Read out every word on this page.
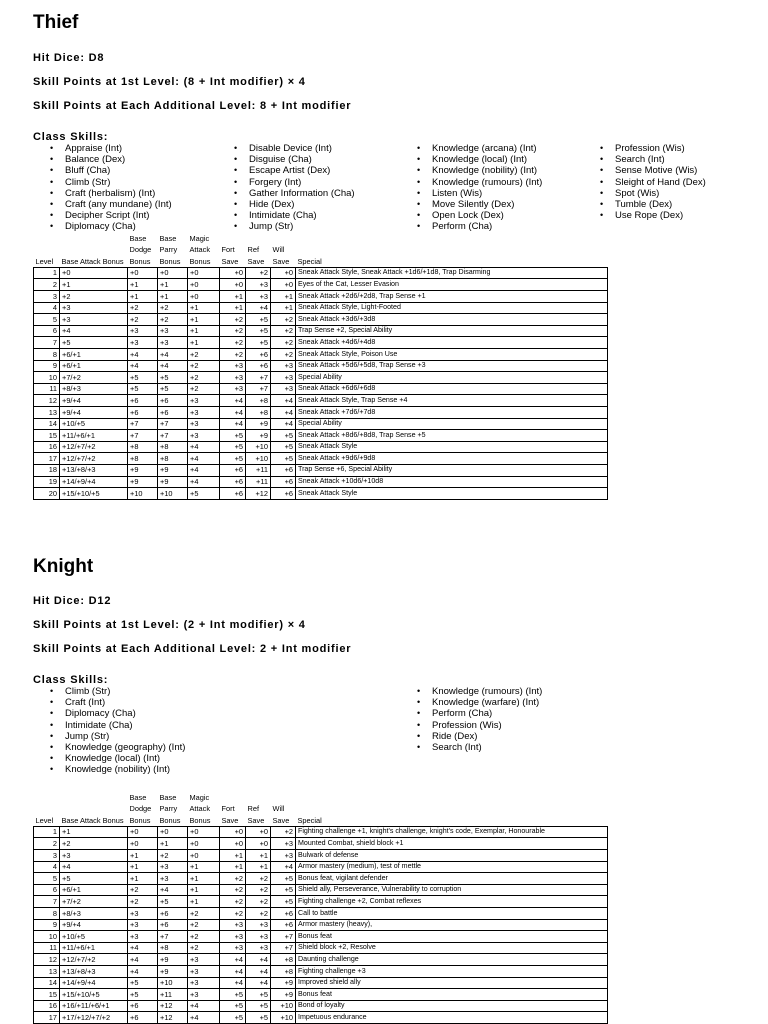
Thief
Hit Dice: D8
Skill Points at 1st Level: (8 + Int modifier) × 4
Skill Points at Each Additional Level: 8 + Int modifier
Class Skills:
• Appraise (Int)
• Balance (Dex)
• Bluff (Cha)
• Climb (Str)
• Craft (herbalism) (Int)
• Craft (any mundane) (Int)
• Decipher Script (Int)
• Diplomacy (Cha)
• Disable Device (Int)
• Disguise (Cha)
• Escape Artist (Dex)
• Forgery (Int)
• Gather Information (Cha)
• Hide (Dex)
• Intimidate (Cha)
• Jump (Str)
• Knowledge (arcana) (Int)
• Knowledge (local) (Int)
• Knowledge (nobility) (Int)
• Knowledge (rumours) (Int)
• Listen (Wis)
• Move Silently (Dex)
• Open Lock (Dex)
• Perform (Cha)
• Profession (Wis)
• Search (Int)
• Sense Motive (Wis)
• Sleight of Hand (Dex)
• Spot (Wis)
• Tumble (Dex)
• Use Rope (Dex)
Level	Base Attack Bonus	Base Dodge Bonus	Base Parry Bonus	Magic Attack Bonus	Fort Save	Ref Save	Will Save	Special
1	+0	+0	+0	+0	+0	+2	+0	Sneak Attack Style, Sneak Attack +1d6/+1d8, Trap Disarming
2	+1	+1	+1	+0	+0	+3	+0	Eyes of the Cat, Lesser Evasion
3	+2	+1	+1	+0	+1	+3	+1	Sneak Attack +2d6/+2d8, Trap Sense +1
4	+3	+2	+2	+1	+1	+4	+1	Sneak Attack Style, Light-Footed
5	+3	+2	+2	+1	+2	+5	+2	Sneak Attack +3d6/+3d8
6	+4	+3	+3	+1	+2	+5	+2	Trap Sense +2, Special Ability
7	+5	+3	+3	+1	+2	+5	+2	Sneak Attack +4d6/+4d8
8	+6/+1	+4	+4	+2	+2	+6	+2	Sneak Attack Style, Poison Use
9	+6/+1	+4	+4	+2	+3	+6	+3	Sneak Attack +5d6/+5d8, Trap Sense +3
10	+7/+2	+5	+5	+2	+3	+7	+3	Special Ability
11	+8/+3	+5	+5	+2	+3	+7	+3	Sneak Attack +6d6/+6d8
12	+9/+4	+6	+6	+3	+4	+8	+4	Sneak Attack Style, Trap Sense +4
13	+9/+4	+6	+6	+3	+4	+8	+4	Sneak Attack +7d6/+7d8
14	+10/+5	+7	+7	+3	+4	+9	+4	Special Ability
15	+11/+6/+1	+7	+7	+3	+5	+9	+5	Sneak Attack +8d6/+8d8, Trap Sense +5
16	+12/+7/+2	+8	+8	+4	+5	+10	+5	Sneak Attack Style
17	+12/+7/+2	+8	+8	+4	+5	+10	+5	Sneak Attack +9d6/+9d8
18	+13/+8/+3	+9	+9	+4	+6	+11	+6	Trap Sense +6, Special Ability
19	+14/+9/+4	+9	+9	+4	+6	+11	+6	Sneak Attack +10d6/+10d8
20	+15/+10/+5	+10	+10	+5	+6	+12	+6	Sneak Attack Style
Knight
Hit Dice: D12
Skill Points at 1st Level: (2 + Int modifier) × 4
Skill Points at Each Additional Level: 2 + Int modifier
Class Skills:
• Climb (Str)
• Craft (Int)
• Diplomacy (Cha)
• Intimidate (Cha)
• Jump (Str)
• Knowledge (geography) (Int)
• Knowledge (local) (Int)
• Knowledge (nobility) (Int)
• Knowledge (rumours) (Int)
• Knowledge (warfare) (Int)
• Perform (Cha)
• Profession (Wis)
• Ride (Dex)
• Search (Int)
Level	Base Attack Bonus	Base Dodge Bonus	Base Parry Bonus	Magic Attack Bonus	Fort Save	Ref Save	Will Save	Special
1	+1	+0	+0	+0	+0	+0	+2	Fighting challenge +1, knight's challenge, knight's code, Exemplar, Honourable
2	+2	+0	+1	+0	+0	+0	+3	Mounted Combat, shield block +1
3	+3	+1	+2	+0	+1	+1	+3	Bulwark of defense
4	+4	+1	+3	+1	+1	+1	+4	Armor mastery (medium), test of mettle
5	+5	+1	+3	+1	+2	+2	+5	Bonus feat, vigilant defender
6	+6/+1	+2	+4	+1	+2	+2	+5	Shield ally, Perseverance, Vulnerability to corruption
7	+7/+2	+2	+5	+1	+2	+2	+5	Fighting challenge +2, Combat reflexes
8	+8/+3	+3	+6	+2	+2	+2	+6	Call to battle
9	+9/+4	+3	+6	+2	+3	+3	+6	Armor mastery (heavy),
10	+10/+5	+3	+7	+2	+3	+3	+7	Bonus feat
11	+11/+6/+1	+4	+8	+2	+3	+3	+7	Shield block +2, Resolve
12	+12/+7/+2	+4	+9	+3	+4	+4	+8	Daunting challenge
13	+13/+8/+3	+4	+9	+3	+4	+4	+8	Fighting challenge +3
14	+14/+9/+4	+5	+10	+3	+4	+4	+9	Improved shield ally
15	+15/+10/+5	+5	+11	+3	+5	+5	+9	Bonus feat
16	+16/+11/+6/+1	+6	+12	+4	+5	+5	+10	Bond of loyalty
17	+17/+12/+7/+2	+6	+12	+4	+5	+5	+10	Impetuous endurance
